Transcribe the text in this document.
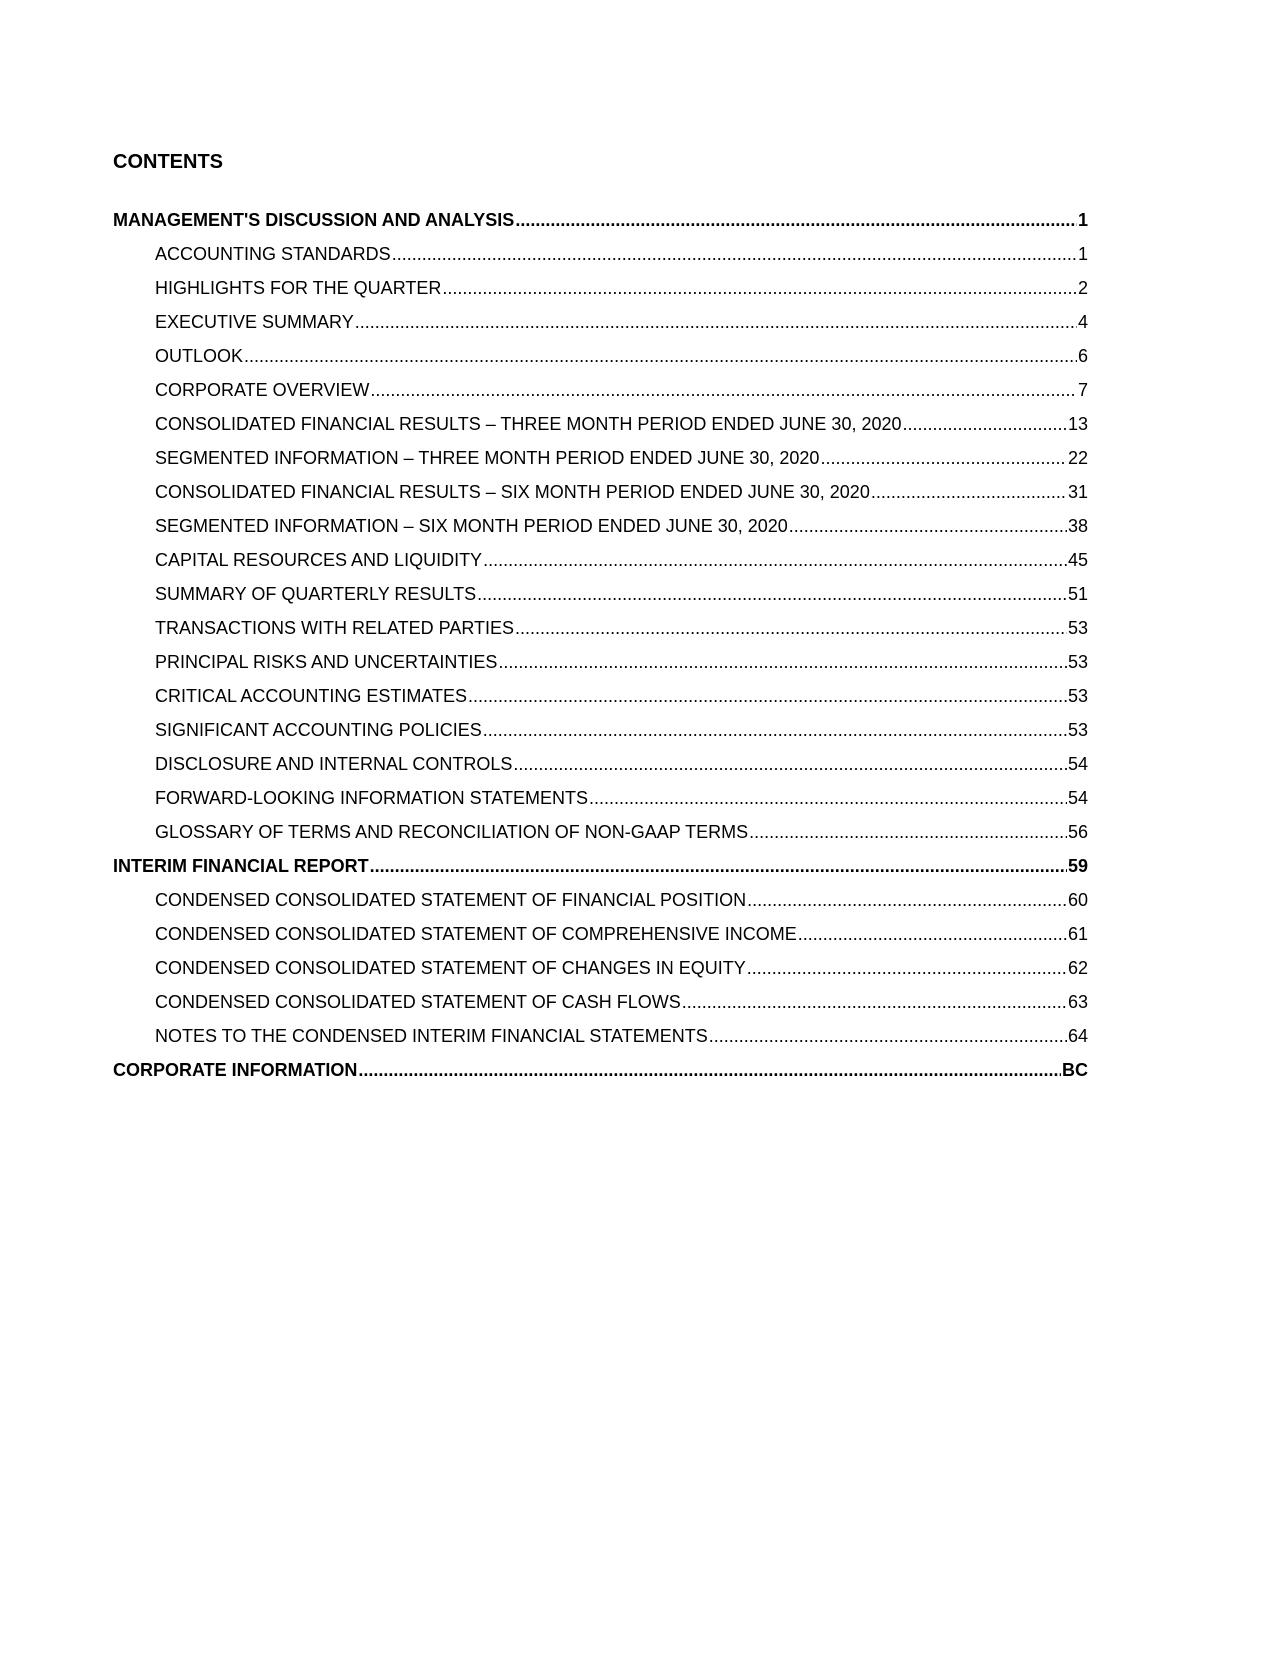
CONTENTS
MANAGEMENT'S DISCUSSION AND ANALYSIS .....	1
ACCOUNTING STANDARDS .....	1
HIGHLIGHTS FOR THE QUARTER .....	2
EXECUTIVE SUMMARY .....	4
OUTLOOK .....	6
CORPORATE OVERVIEW .....	7
CONSOLIDATED FINANCIAL RESULTS – THREE MONTH PERIOD ENDED JUNE 30, 2020 .....	13
SEGMENTED INFORMATION – THREE MONTH PERIOD ENDED JUNE 30, 2020 .....	22
CONSOLIDATED FINANCIAL RESULTS – SIX MONTH PERIOD ENDED JUNE 30, 2020 .....	31
SEGMENTED INFORMATION – SIX MONTH PERIOD ENDED JUNE 30, 2020 .....	38
CAPITAL RESOURCES AND LIQUIDITY .....	45
SUMMARY OF QUARTERLY RESULTS .....	51
TRANSACTIONS WITH RELATED PARTIES .....	53
PRINCIPAL RISKS AND UNCERTAINTIES .....	53
CRITICAL ACCOUNTING ESTIMATES .....	53
SIGNIFICANT ACCOUNTING POLICIES .....	53
DISCLOSURE AND INTERNAL CONTROLS .....	54
FORWARD-LOOKING INFORMATION STATEMENTS .....	54
GLOSSARY OF TERMS AND RECONCILIATION OF NON-GAAP TERMS .....	56
INTERIM FINANCIAL REPORT .....	59
CONDENSED CONSOLIDATED STATEMENT OF FINANCIAL POSITION .....	60
CONDENSED CONSOLIDATED STATEMENT OF COMPREHENSIVE INCOME .....	61
CONDENSED CONSOLIDATED STATEMENT OF CHANGES IN EQUITY .....	62
CONDENSED CONSOLIDATED STATEMENT OF CASH FLOWS .....	63
NOTES TO THE CONDENSED INTERIM FINANCIAL STATEMENTS .....	64
CORPORATE INFORMATION .....	BC
